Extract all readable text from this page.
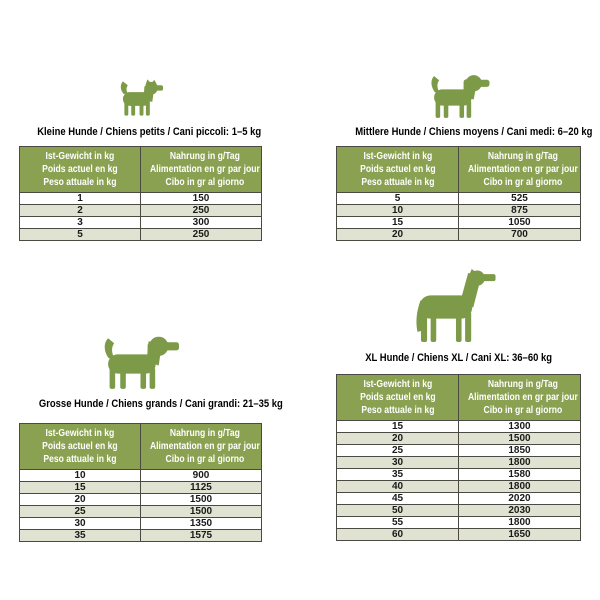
Kleine Hunde / Chiens petits / Cani piccoli: 1–5 kg	Mittlere Hunde / Chiens moyens / Cani medi: 6–20 kg
Grosse Hunde / Chiens grands / Cani grandi: 21–35 kg
XL Hunde / Chiens XL / Cani XL: 36–60 kg
Ist-Gewicht in kg
Poids actuel en kg
Peso attuale in kg	Nahrung in g/Tag
Alimentation en gr par jour
Cibo in gr al giorno

1	150
2	250
3	300
5	250
Ist-Gewicht in kg
Poids actuel en kg
Peso attuale in kg	Nahrung in g/Tag
Alimentation en gr par jour
Cibo in gr al giorno

5	525
10	875
15	1050
20	700
Ist-Gewicht in kg
Poids actuel en kg
Peso attuale in kg	Nahrung in g/Tag
Alimentation en gr par jour
Cibo in gr al giorno

10	900
15	1125
20	1500
25	1500
30	1350
35	1575
Ist-Gewicht in kg
Poids actuel en kg
Peso attuale in kg	Nahrung in g/Tag
Alimentation en gr par jour
Cibo in gr al giorno

15	1300
20	1500
25	1850
30	1800
35	1580
40	1800
45	2020
50	2030
55	1800
60	1650
